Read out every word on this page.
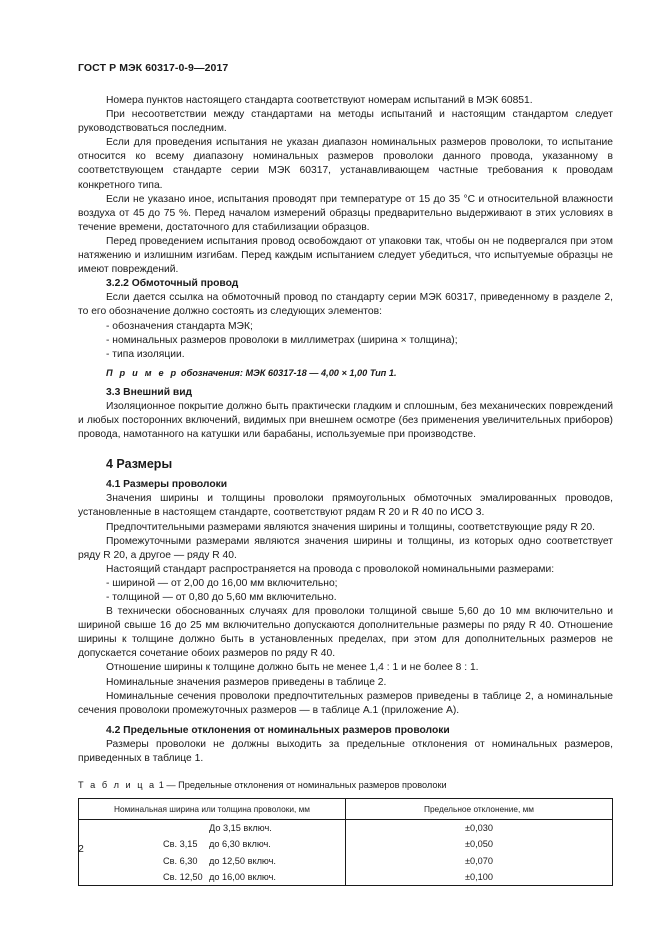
ГОСТ Р МЭК 60317-0-9—2017

Номера пунктов настоящего стандарта соответствуют номерам испытаний в МЭК 60851.

При несоответствии между стандартами на методы испытаний и настоящим стандартом следует руководствоваться последним.

Если для проведения испытания не указан диапазон номинальных размеров проволоки, то испытание относится ко всему диапазону номинальных размеров проволоки данного провода, указанному в соответствующем стандарте серии МЭК 60317, устанавливающем частные требования к проводам конкретного типа.

Если не указано иное, испытания проводят при температуре от 15 до 35 °С и относительной влажности воздуха от 45 до 75 %. Перед началом измерений образцы предварительно выдерживают в этих условиях в течение времени, достаточного для стабилизации образцов.

Перед проведением испытания провод освобождают от упаковки так, чтобы он не подвергался при этом натяжению и излишним изгибам. Перед каждым испытанием следует убедиться, что испытуемые образцы не имеют повреждений.

3.2.2 Обмоточный провод

Если дается ссылка на обмоточный провод по стандарту серии МЭК 60317, приведенному в разделе 2, то его обозначение должно состоять из следующих элементов:

- обозначения стандарта МЭК;

- номинальных размеров проволоки в миллиметрах (ширина × толщина);

- типа изоляции.

П р и м е р обозначения: МЭК 60317-18 — 4,00 × 1,00 Тип 1.

3.3 Внешний вид

Изоляционное покрытие должно быть практически гладким и сплошным, без механических повреждений и любых посторонних включений, видимых при внешнем осмотре (без применения увеличительных приборов) провода, намотанного на катушки или барабаны, используемые при производстве.

4 Размеры

4.1 Размеры проволоки

Значения ширины и толщины проволоки прямоугольных обмоточных эмалированных проводов, установленные в настоящем стандарте, соответствуют рядам R 20 и R 40 по ИСО 3.

Предпочтительными размерами являются значения ширины и толщины, соответствующие ряду R 20.

Промежуточными размерами являются значения ширины и толщины, из которых одно соответствует ряду R 20, а другое — ряду R 40.

Настоящий стандарт распространяется на провода с проволокой номинальными размерами:

- шириной — от 2,00 до 16,00 мм включительно;

- толщиной — от 0,80 до 5,60 мм включительно.

В технически обоснованных случаях для проволоки толщиной свыше 5,60 до 10 мм включительно и шириной свыше 16 до 25 мм включительно допускаются дополнительные размеры по ряду R 40. Отношение ширины к толщине должно быть в установленных пределах, при этом для дополнительных размеров не допускается сочетание обоих размеров по ряду R 40.

Отношение ширины к толщине должно быть не менее 1,4 : 1 и не более 8 : 1.

Номинальные значения размеров приведены в таблице 2.

Номинальные сечения проволоки предпочтительных размеров приведены в таблице 2, а номинальные сечения проволоки промежуточных размеров — в таблице А.1 (приложение А).

4.2 Предельные отклонения от номинальных размеров проволоки

Размеры проволоки не должны выходить за предельные отклонения от номинальных размеров, приведенных в таблице 1.

Т а б л и ц а 1 — Предельные отклонения от номинальных размеров проволоки

Номинальная ширина или толщина проволоки, мм	Предельное отклонение, мм
До 3,15 включ.	±0,030
Св. 3,15 до 6,30 включ.	±0,050
Св. 6,30 до 12,50 включ.	±0,070
Св. 12,50 до 16,00 включ.	±0,100
2
